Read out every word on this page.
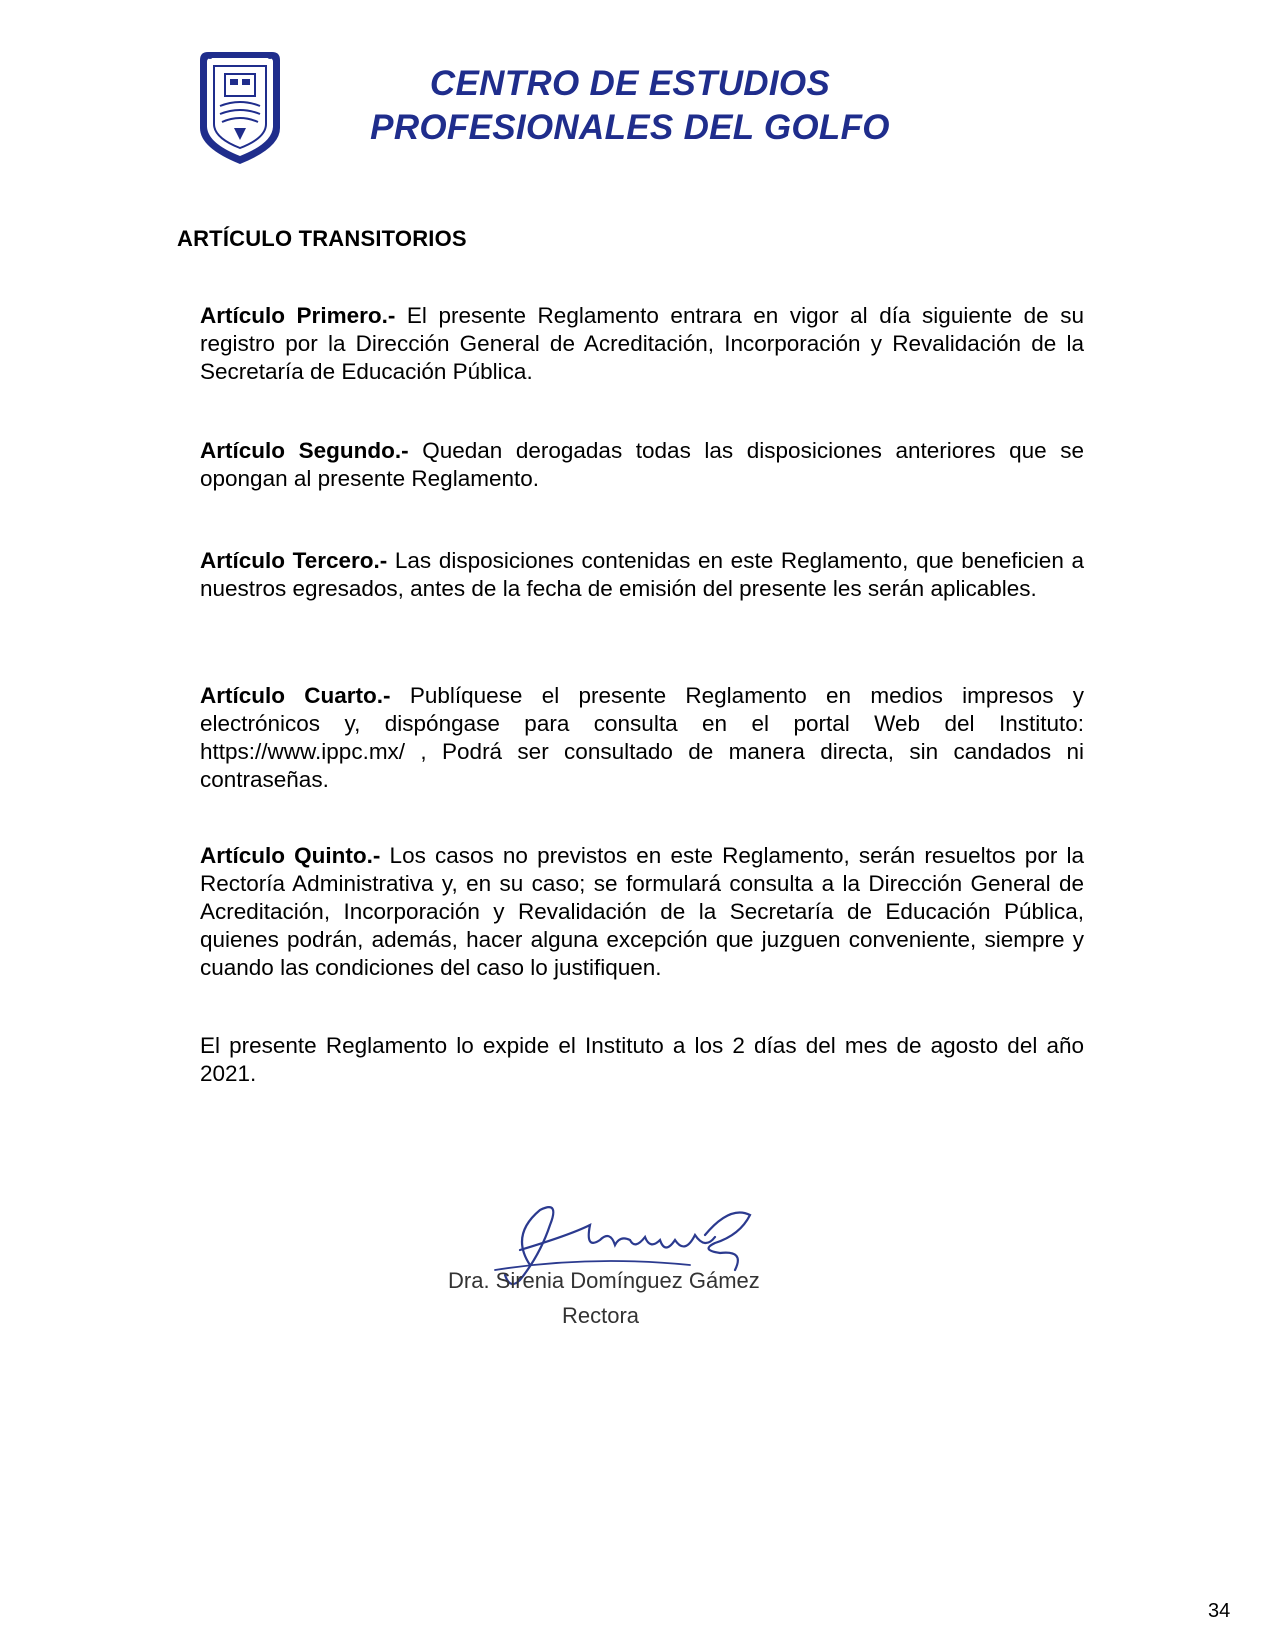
CENTRO DE ESTUDIOS
PROFESIONALES DEL GOLFO
ARTÍCULO TRANSITORIOS
Artículo Primero.- El presente Reglamento entrara en vigor al día siguiente de su registro por la Dirección General de Acreditación, Incorporación y Revalidación de la Secretaría de Educación Pública.
Artículo Segundo.- Quedan derogadas todas las disposiciones anteriores que se opongan al presente Reglamento.
Artículo Tercero.- Las disposiciones contenidas en este Reglamento, que beneficien a nuestros egresados, antes de la fecha de emisión del presente les serán aplicables.
Artículo Cuarto.- Publíquese el presente Reglamento en medios impresos y electrónicos y, dispóngase para consulta en el portal Web del Instituto: https://www.ippc.mx/ , Podrá ser consultado de manera directa, sin candados ni contraseñas.
Artículo Quinto.- Los casos no previstos en este Reglamento, serán resueltos por la Rectoría Administrativa y, en su caso; se formulará consulta a la Dirección General de Acreditación, Incorporación y Revalidación de la Secretaría de Educación Pública, quienes podrán, además, hacer alguna excepción que juzguen conveniente, siempre y cuando las condiciones del caso lo justifiquen.
El presente Reglamento lo expide el Instituto a los 2 días del mes de agosto del año 2021.
Dra. Sirenia Domínguez Gámez
Rectora
34
